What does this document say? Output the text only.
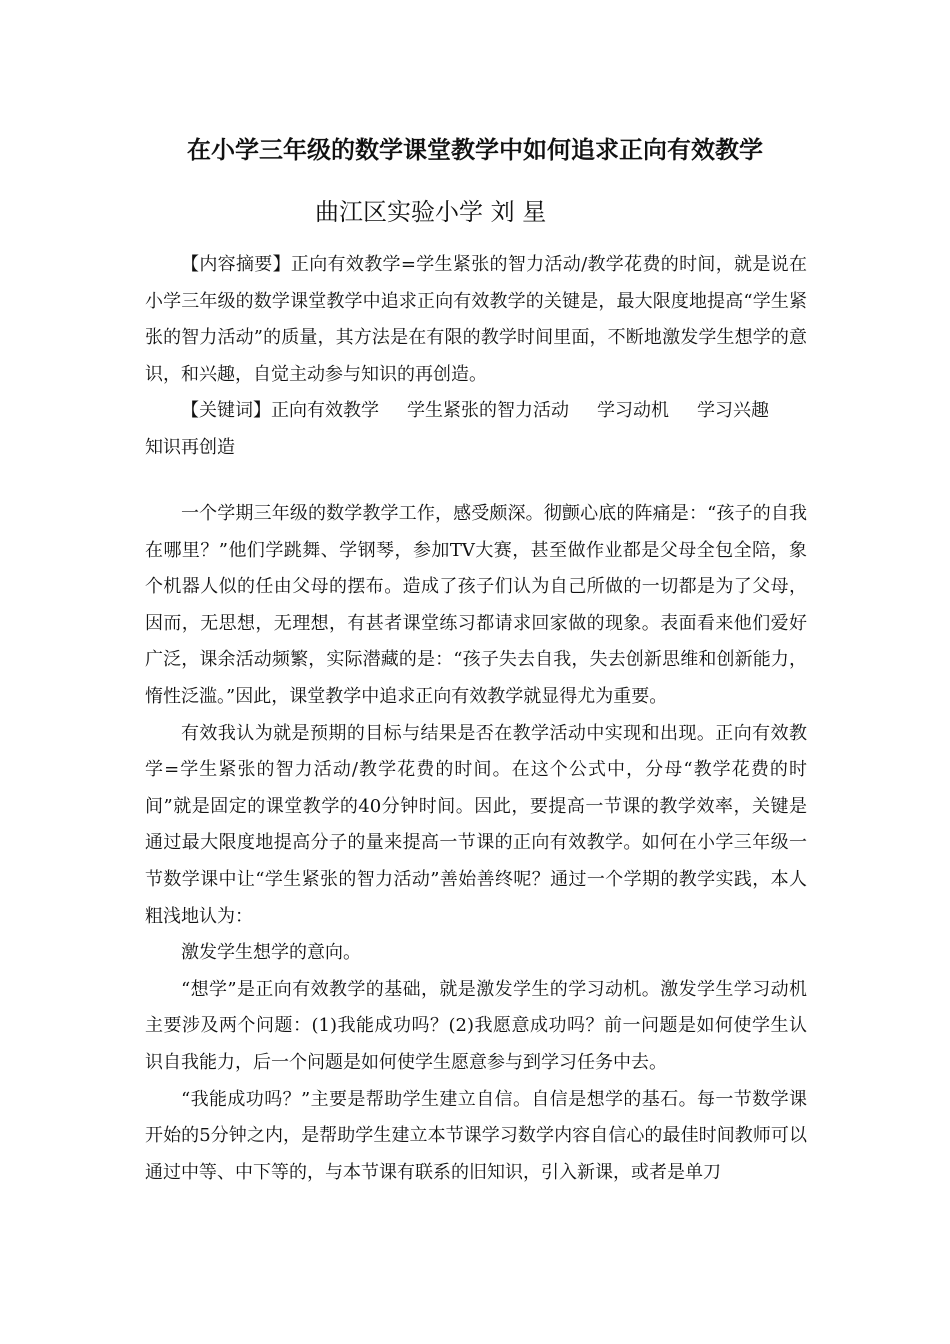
在小学三年级的数学课堂教学中如何追求正向有效教学
曲江区实验小学 刘 星

【内容摘要】正向有效教学=学生紧张的智力活动/教学花费的时间，就是说在小学三年级的数学课堂教学中追求正向有效教学的关键是，最大限度地提高“学生紧张的智力活动”的质量，其方法是在有限的教学时间里面，不断地激发学生想学的意识，和兴趣，自觉主动参与知识的再创造。

【关键词】正向有效教学 学生紧张的智力活动 学习动机 学习兴趣
知识再创造

一个学期三年级的数学教学工作，感受颇深。彻颤心底的阵痛是：“孩子的自我在哪里？”他们学跳舞、学钢琴，参加TV大赛，甚至做作业都是父母全包全陪，象个机器人似的任由父母的摆布。造成了孩子们认为自己所做的一切都是为了父母，因而，无思想，无理想，有甚者课堂练习都请求回家做的现象。表面看来他们爱好广泛，课余活动频繁，实际潜藏的是：“孩子失去自我，失去创新思维和创新能力，惰性泛滥。”因此，课堂教学中追求正向有效教学就显得尤为重要。

有效我认为就是预期的目标与结果是否在教学活动中实现和出现。正向有效教学=学生紧张的智力活动/教学花费的时间。在这个公式中，分母“教学花费的时间”就是固定的课堂教学的40分钟时间。因此，要提高一节课的教学效率，关键是通过最大限度地提高分子的量来提高一节课的正向有效教学。如何在小学三年级一节数学课中让“学生紧张的智力活动”善始善终呢？通过一个学期的教学实践，本人粗浅地认为：

激发学生想学的意向。

“想学”是正向有效教学的基础，就是激发学生的学习动机。激发学生学习动机主要涉及两个问题：(1)我能成功吗？(2)我愿意成功吗？前一问题是如何使学生认识自我能力，后一个问题是如何使学生愿意参与到学习任务中去。

“我能成功吗？”主要是帮助学生建立自信。自信是想学的基石。每一节数学课开始的5分钟之内，是帮助学生建立本节课学习数学内容自信心的最佳时间教师可以通过中等、中下等的，与本节课有联系的旧知识，引入新课，或者是单刀
